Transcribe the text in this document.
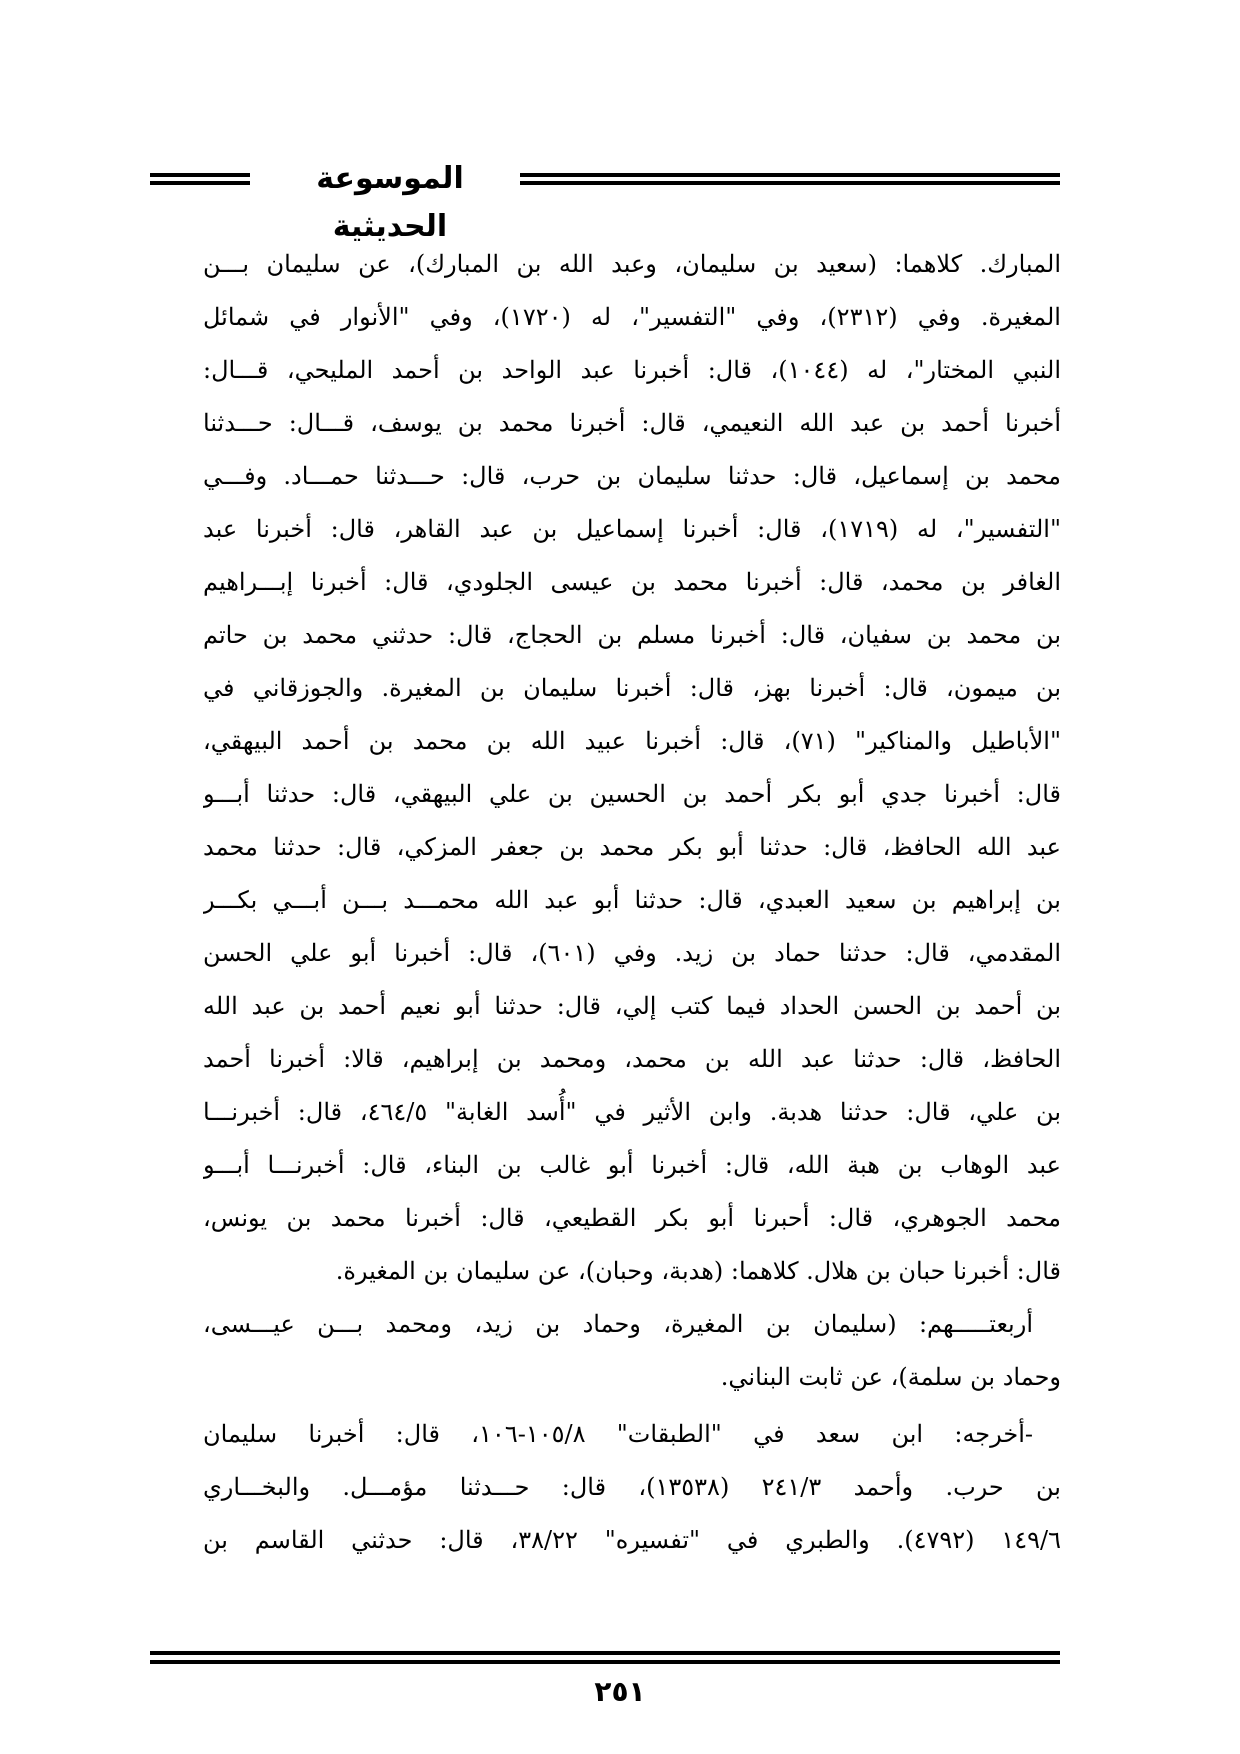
الموسوعة الحديثية
المبارك. كلاهما: (سعيد بن سليمان، وعبد الله بن المبارك)، عن سليمان بـــن
المغيرة. وفي (٢٣١٢)، وفي "التفسير"، له (١٧٢٠)، وفي "الأنوار في شمائل
النبي المختار"، له (١٠٤٤)، قال: أخبرنا عبد الواحد بن أحمد المليحي، قـــال:
أخبرنا أحمد بن عبد الله النعيمي، قال: أخبرنا محمد بن يوسف، قـــال: حـــدثنا
محمد بن إسماعيل، قال: حدثنا سليمان بن حرب، قال: حـــدثنا حمـــاد. وفـــي
"التفسير"، له (١٧١٩)، قال: أخبرنا إسماعيل بن عبد القاهر، قال: أخبرنا عبد
الغافر بن محمد، قال: أخبرنا محمد بن عيسى الجلودي، قال: أخبرنا إبـــراهيم
بن محمد بن سفيان، قال: أخبرنا مسلم بن الحجاج، قال: حدثني محمد بن حاتم
بن ميمون، قال: أخبرنا بهز، قال: أخبرنا سليمان بن المغيرة. والجوزقاني في
"الأباطيل والمناكير" (٧١)، قال: أخبرنا عبيد الله بن محمد بن أحمد البيهقي،
قال: أخبرنا جدي أبو بكر أحمد بن الحسين بن علي البيهقي، قال: حدثنا أبـــو
عبد الله الحافظ، قال: حدثنا أبو بكر محمد بن جعفر المزكي، قال: حدثنا محمد
بن إبراهيم بن سعيد العبدي، قال: حدثنا أبو عبد الله محمـــد بـــن أبـــي بكـــر
المقدمي، قال: حدثنا حماد بن زيد. وفي (٦٠١)، قال: أخبرنا أبو علي الحسن
بن أحمد بن الحسن الحداد فيما كتب إلي، قال: حدثنا أبو نعيم أحمد بن عبد الله
الحافظ، قال: حدثنا عبد الله بن محمد، ومحمد بن إبراهيم، قالا: أخبرنا أحمد
بن علي، قال: حدثنا هدبة. وابن الأثير في "أُسد الغابة" ٤٦٤/٥، قال: أخبرنـــا
عبد الوهاب بن هبة الله، قال: أخبرنا أبو غالب بن البناء، قال: أخبرنـــا أبـــو
محمد الجوهري، قال: أحبرنا أبو بكر القطيعي، قال: أخبرنا محمد بن يونس،
قال: أخبرنا حبان بن هلال. كلاهما: (هدبة، وحبان)، عن سليمان بن المغيرة.
أربعتـــــهم: (سليمان بن المغيرة، وحماد بن زيد، ومحمد بـــن عيـــسى،
وحماد بن سلمة)، عن ثابت البناني.
-أخرجه: ابن سعد في "الطبقات" ١٠٥/٨-١٠٦، قال: أخبرنا سليمان
بن حرب. وأحمد ٢٤١/٣ (١٣٥٣٨)، قال: حـــدثنا مؤمـــل. والبخـــاري
١٤٩/٦ (٤٧٩٢). والطبري في "تفسيره" ٣٨/٢٢، قال: حدثني القاسم بن
٢٥١
